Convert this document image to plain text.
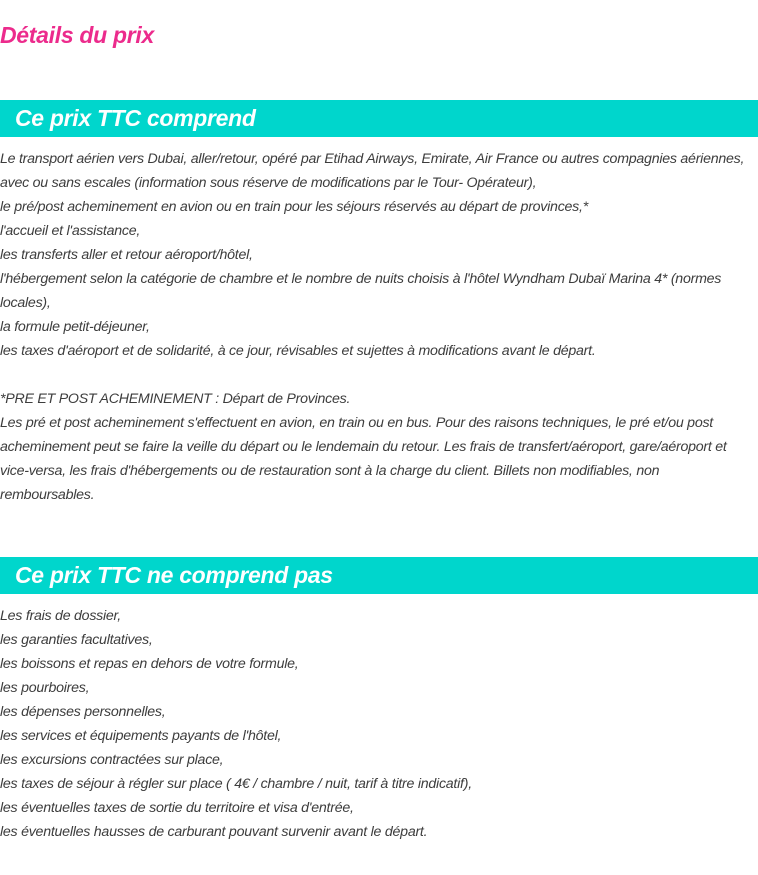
Détails du prix
Ce prix TTC comprend

Le transport aérien vers Dubai, aller/retour, opéré par Etihad Airways, Emirate, Air France ou autres compagnies aériennes, avec ou sans escales (information sous réserve de modifications par le Tour- Opérateur),

le pré/post acheminement en avion ou en train pour les séjours réservés au départ de provinces,*

l'accueil et l'assistance,

les transferts aller et retour aéroport/hôtel,

l'hébergement selon la catégorie de chambre et le nombre de nuits choisis à l'hôtel Wyndham Dubaï Marina 4* (normes locales),

la formule petit-déjeuner,

les taxes d'aéroport et de solidarité, à ce jour, révisables et sujettes à modifications avant le départ.

*PRE ET POST ACHEMINEMENT : Départ de Provinces.

Les pré et post acheminement s'effectuent en avion, en train ou en bus. Pour des raisons techniques, le pré et/ou post acheminement peut se faire la veille du départ ou le lendemain du retour. Les frais de transfert/aéroport, gare/aéroport et vice-versa, les frais d'hébergements ou de restauration sont à la charge du client. Billets non modifiables, non remboursables.

Ce prix TTC ne comprend pas

Les frais de dossier,

les garanties facultatives,

les boissons et repas en dehors de votre formule,

les pourboires,

les dépenses personnelles,

les services et équipements payants de l'hôtel,

les excursions contractées sur place,

les taxes de séjour à régler sur place ( 4€ / chambre / nuit, tarif à titre indicatif),

les éventuelles taxes de sortie du territoire et visa d'entrée,

les éventuelles hausses de carburant pouvant survenir avant le départ.
